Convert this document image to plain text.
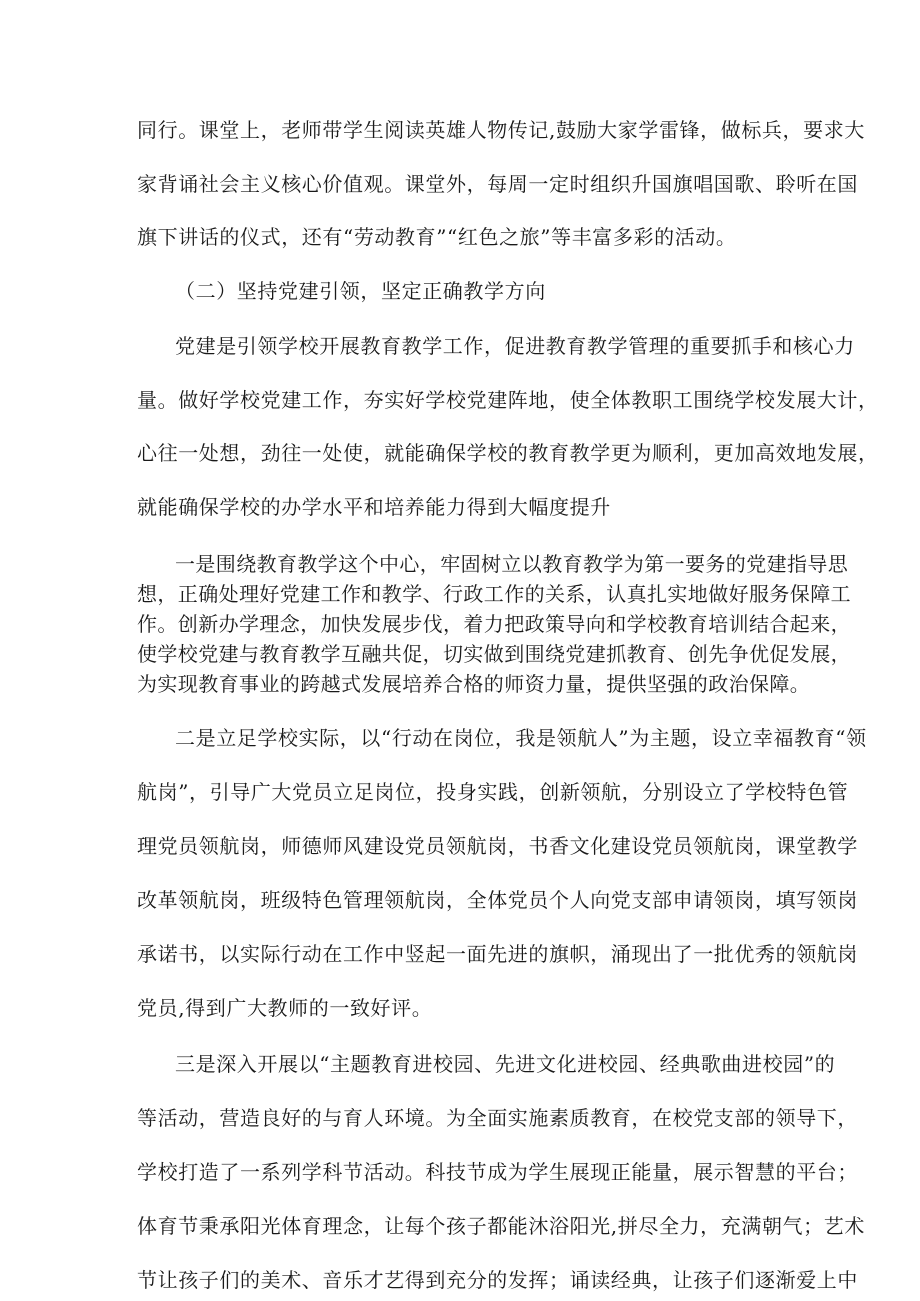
同行。课堂上，老师带学生阅读英雄人物传记,鼓励大家学雷锋，做标兵，要求大
家背诵社会主义核心价值观。课堂外，每周一定时组织升国旗唱国歌、聆听在国
旗下讲话的仪式，还有“劳动教育”“红色之旅”等丰富多彩的活动。
（二）坚持党建引领，坚定正确教学方向
党建是引领学校开展教育教学工作，促进教育教学管理的重要抓手和核心力
量。做好学校党建工作，夯实好学校党建阵地，使全体教职工围绕学校发展大计，
心往一处想，劲往一处使，就能确保学校的教育教学更为顺利，更加高效地发展，
就能确保学校的办学水平和培养能力得到大幅度提升
一是围绕教育教学这个中心，牢固树立以教育教学为第一要务的党建指导思
想，正确处理好党建工作和教学、行政工作的关系，认真扎实地做好服务保障工
作。创新办学理念，加快发展步伐，着力把政策导向和学校教育培训结合起来，
使学校党建与教育教学互融共促，切实做到围绕党建抓教育、创先争优促发展，
为实现教育事业的跨越式发展培养合格的师资力量，提供坚强的政治保障。
二是立足学校实际，以“行动在岗位，我是领航人”为主题，设立幸福教育“领
航岗”，引导广大党员立足岗位，投身实践，创新领航，分别设立了学校特色管
理党员领航岗，师德师风建设党员领航岗，书香文化建设党员领航岗，课堂教学
改革领航岗，班级特色管理领航岗，全体党员个人向党支部申请领岗，填写领岗
承诺书，以实际行动在工作中竖起一面先进的旗帜，涌现出了一批优秀的领航岗
党员,得到广大教师的一致好评。
三是深入开展以“主题教育进校园、先进文化进校园、经典歌曲进校园”的
等活动，营造良好的与育人环境。为全面实施素质教育，在校党支部的领导下，
学校打造了一系列学科节活动。科技节成为学生展现正能量，展示智慧的平台；
体育节秉承阳光体育理念，让每个孩子都能沐浴阳光,拼尽全力，充满朝气；艺术
节让孩子们的美术、音乐才艺得到充分的发挥；诵读经典，让孩子们逐渐爱上中
